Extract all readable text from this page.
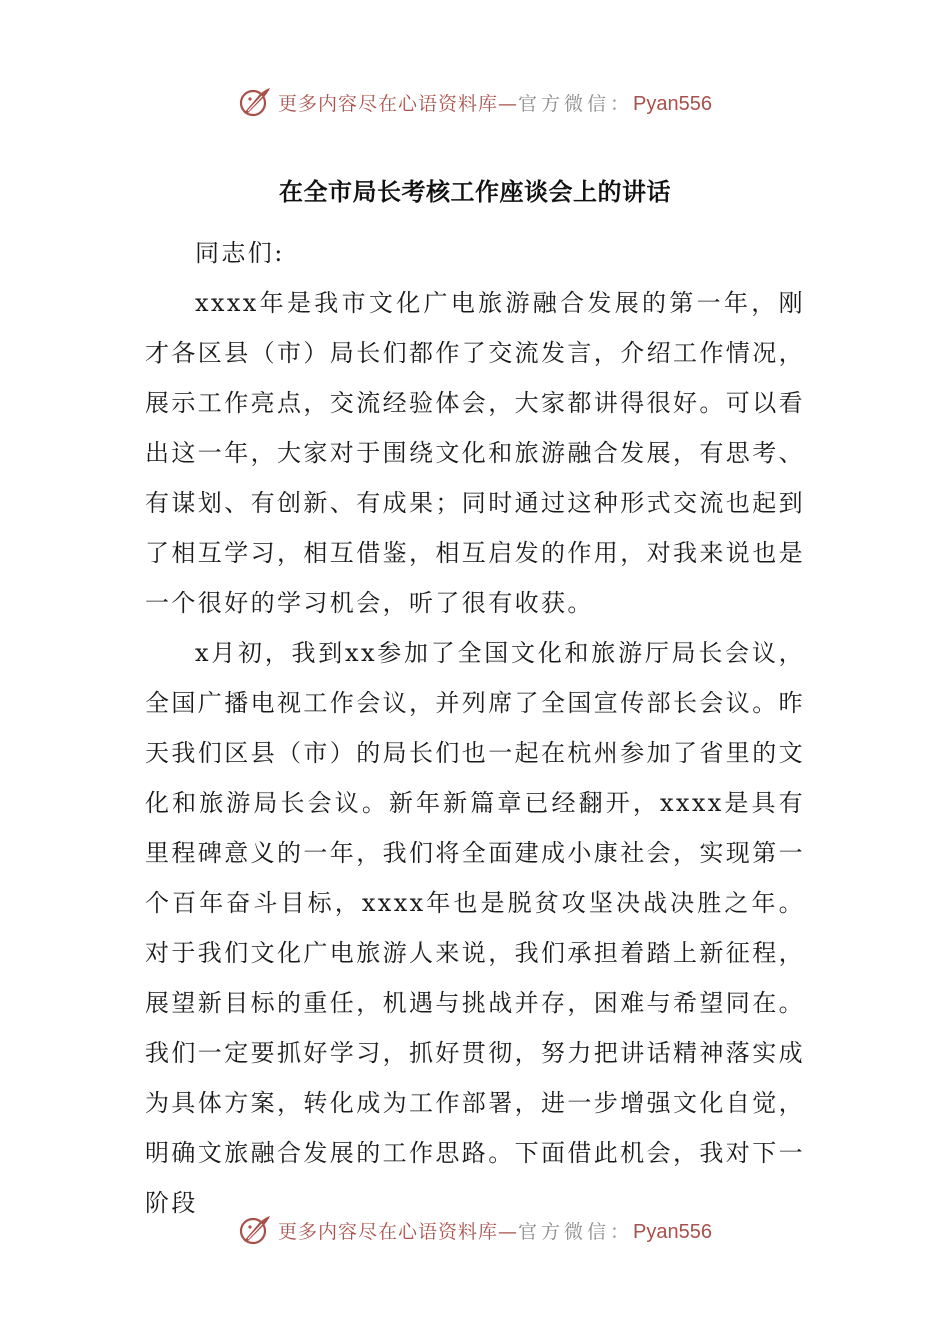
更多内容尽在心语资料库—官方微信：Pyan556
在全市局长考核工作座谈会上的讲话

同志们:

xxxx年是我市文化广电旅游融合发展的第一年，刚才各区县（市）局长们都作了交流发言，介绍工作情况，展示工作亮点，交流经验体会，大家都讲得很好。可以看出这一年，大家对于围绕文化和旅游融合发展，有思考、有谋划、有创新、有成果；同时通过这种形式交流也起到了相互学习，相互借鉴，相互启发的作用，对我来说也是一个很好的学习机会，听了很有收获。

x月初，我到xx参加了全国文化和旅游厅局长会议，全国广播电视工作会议，并列席了全国宣传部长会议。昨天我们区县（市）的局长们也一起在杭州参加了省里的文化和旅游局长会议。新年新篇章已经翻开，xxxx是具有里程碑意义的一年，我们将全面建成小康社会，实现第一个百年奋斗目标，xxxx年也是脱贫攻坚决战决胜之年。对于我们文化广电旅游人来说，我们承担着踏上新征程，展望新目标的重任，机遇与挑战并存，困难与希望同在。我们一定要抓好学习，抓好贯彻，努力把讲话精神落实成为具体方案，转化成为工作部署，进一步增强文化自觉，明确文旅融合发展的工作思路。下面借此机会，我对下一阶段

更多内容尽在心语资料库—官方微信：Pyan556
